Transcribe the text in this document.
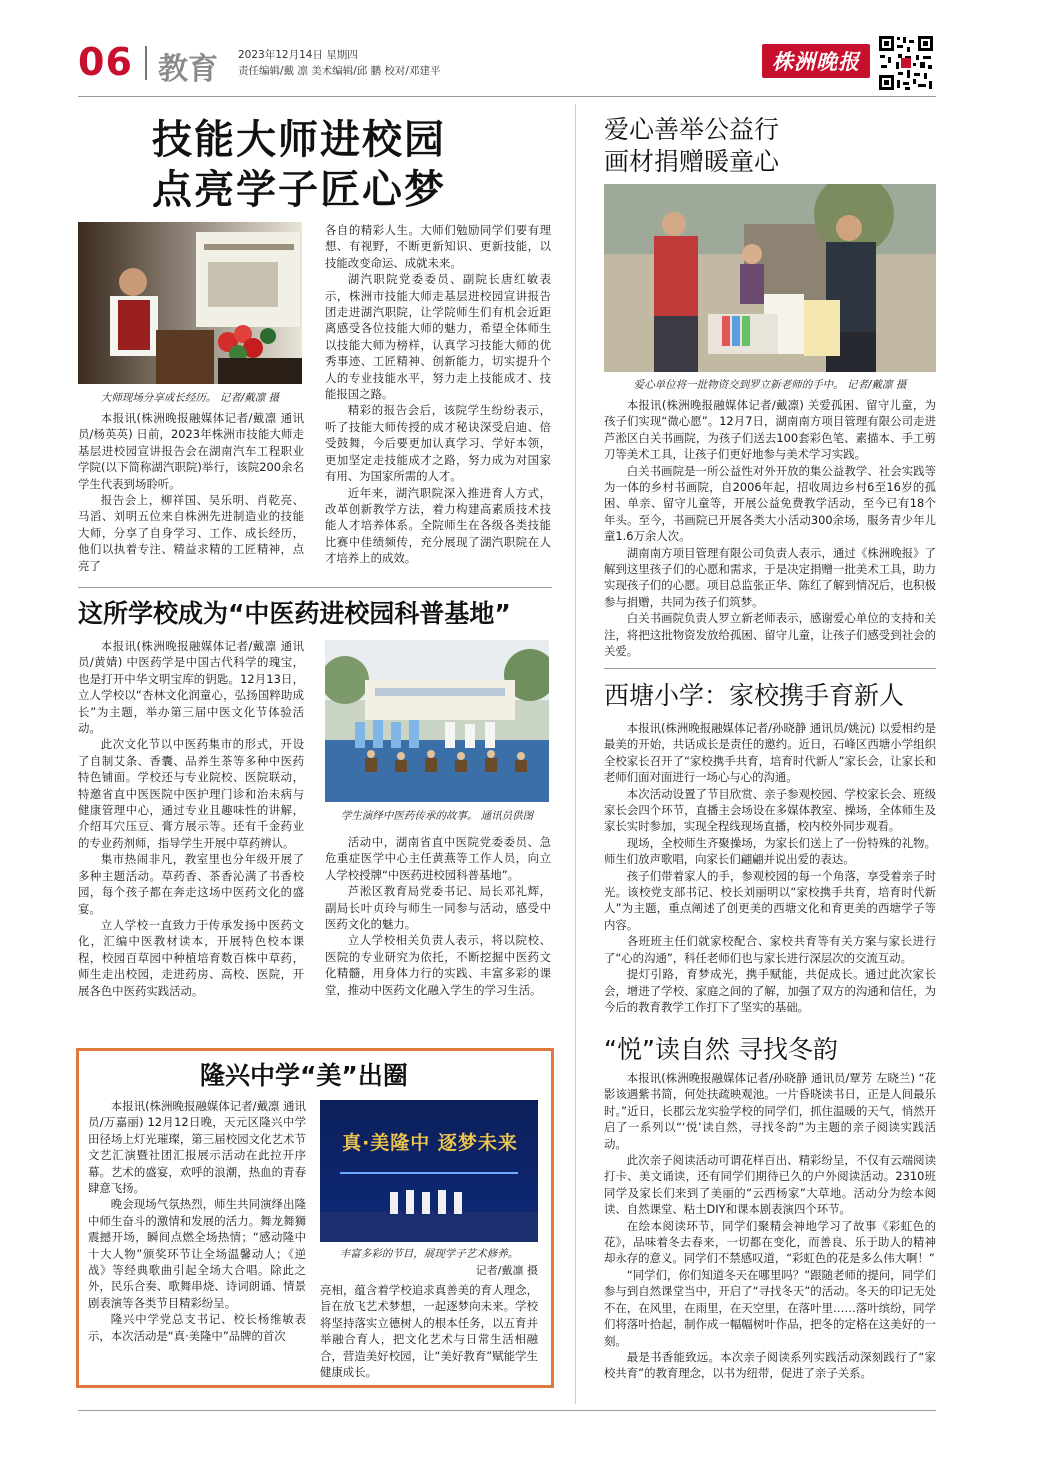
06 教育 2023年12月14日 星期四
责任编辑/戴 凛 美术编辑/邱 鹏 校对/邓建平	株洲晚报
技能大师进校园
点亮学子匠心梦
大师现场分享成长经历。 记者/戴凛 摄

本报讯(株洲晚报融媒体记者/戴凛 通讯员/杨英英) 日前，2023年株洲市技能大师走基层进校园宣讲报告会在湖南汽车工程职业学院(以下简称湖汽职院)举行，该院200余名学生代表到场聆听。

报告会上，柳祥国、吴乐明、肖乾亮、马滔、刘明五位来自株洲先进制造业的技能大师，分享了自身学习、工作、成长经历，他们以执着专注、精益求精的工匠精神，点亮了

各自的精彩人生。大师们勉励同学们要有理想、有视野，不断更新知识、更新技能，以技能改变命运、成就未来。

湖汽职院党委委员、副院长唐红敏表示，株洲市技能大师走基层进校园宣讲报告团走进湖汽职院，让学院师生们有机会近距离感受各位技能大师的魅力，希望全体师生以技能大师为榜样，认真学习技能大师的优秀事迹、工匠精神、创新能力，切实提升个人的专业技能水平，努力走上技能成才、技能报国之路。

精彩的报告会后，该院学生纷纷表示，听了技能大师传授的成才秘诀深受启迪、倍受鼓舞，今后要更加认真学习、学好本领，更加坚定走技能成才之路，努力成为对国家有用、为国家所需的人才。

近年来，湖汽职院深入推进育人方式，改革创新教学方法，着力构建高素质技术技能人才培养体系。全院师生在各级各类技能比赛中佳绩频传，充分展现了湖汽职院在人才培养上的成效。

这所学校成为“中医药进校园科普基地”

本报讯(株洲晚报融媒体记者/戴凛 通讯员/黄婧) 中医药学是中国古代科学的瑰宝，也是打开中华文明宝库的钥匙。12月13日，立人学校以“杏林文化润童心，弘扬国粹助成长”为主题，举办第三届中医文化节体验活动。

此次文化节以中医药集市的形式，开设了自制艾条、香囊、品养生茶等多种中医药特色铺面。学校还与专业院校、医院联动，特邀省直中医医院中医护理门诊和治未病与健康管理中心，通过专业且趣味性的讲解，介绍耳穴压豆、膏方展示等。还有千金药业的专业药剂师，指导学生开展中草药辨认。

集市热闹非凡，教室里也分年级开展了多种主题活动。草药香、茶香沁满了书香校园，每个孩子都在奔走这场中医药文化的盛宴。

立人学校一直致力于传承发扬中医药文化，汇编中医教材读本，开展特色校本课程，校园百草园中种植培育数百株中草药，师生走出校园，走进药房、高校、医院，开展各色中医药实践活动。

学生演绎中医药传承的故事。 通讯员供图

活动中，湖南省直中医院党委委员、急危重症医学中心主任黄燕等工作人员，向立人学校授牌“中医药进校园科普基地”。

芦淞区教育局党委书记、局长邓礼辉，副局长叶贞玲与师生一同参与活动，感受中医药文化的魅力。

立人学校相关负责人表示，将以院校、医院的专业研究为依托，不断挖掘中医药文化精髓，用身体力行的实践、丰富多彩的课堂，推动中医药文化融入学生的学习生活。

隆兴中学“美”出圈

本报讯(株洲晚报融媒体记者/戴凛 通讯员/万嘉丽) 12月12日晚，天元区隆兴中学田径场上灯光璀璨，第三届校园文化艺术节文艺汇演暨社团汇报展示活动在此拉开序幕。艺术的盛宴，欢呼的浪潮，热血的青春肆意飞扬。

晚会现场气氛热烈，师生共同演绎出隆中师生奋斗的激情和发展的活力。舞龙舞狮震撼开场，瞬间点燃全场热情；“感动隆中十大人物”颁奖环节让全场温馨动人；《逆战》等经典歌曲引起全场大合唱。除此之外，民乐合奏、歌舞串烧、诗词朗诵、情景剧表演等各类节目精彩纷呈。

隆兴中学党总支书记、校长杨维敏表示，本次活动是“真·美隆中”品牌的首次

真·美隆中 逐梦未来
丰富多彩的节目，展现学子艺术修养。
记者/戴凛 摄

亮相，蕴含着学校追求真善美的育人理念，旨在放飞艺术梦想，一起逐梦向未来。学校将坚持落实立德树人的根本任务，以五育并举融合育人，把文化艺术与日常生活相融合，营造美好校园，让“美好教育”赋能学生健康成长。

爱心善举公益行
画材捐赠暖童心
爱心单位将一批物资交到罗立新老师的手中。 记者/戴凛 摄

本报讯(株洲晚报融媒体记者/戴凛) 关爱孤困、留守儿童，为孩子们实现“微心愿”。12月7日，湖南南方项目管理有限公司走进芦淞区白关书画院，为孩子们送去100套彩色笔、素描本、手工剪刀等美术工具，让孩子们更好地参与美术学习实践。

白关书画院是一所公益性对外开放的集公益教学、社会实践等为一体的乡村书画院，自2006年起，招收周边乡村6至16岁的孤困、单亲、留守儿童等，开展公益免费教学活动，至今已有18个年头。至今，书画院已开展各类大小活动300余场，服务青少年儿童1.6万余人次。

湖南南方项目管理有限公司负责人表示，通过《株洲晚报》了解到这里孩子们的心愿和需求，于是决定捐赠一批美术工具，助力实现孩子们的心愿。项目总监张正华、陈红了解到情况后，也积极参与捐赠，共同为孩子们筑梦。

白关书画院负责人罗立新老师表示，感谢爱心单位的支持和关注，将把这批物资发放给孤困、留守儿童，让孩子们感受到社会的关爱。

西塘小学：家校携手育新人

本报讯(株洲晚报融媒体记者/孙晓静 通讯员/姚沅) 以爱相约是最美的开始，共话成长是责任的邀约。近日，石峰区西塘小学组织全校家长召开了“家校携手共育，培育时代新人”家长会，让家长和老师们面对面进行一场心与心的沟通。

本次活动设置了节目欣赏、亲子参观校园、学校家长会、班级家长会四个环节，直播主会场设在多媒体教室、操场，全体师生及家长实时参加，实现全程线现场直播，校内校外同步观看。

现场，全校师生齐聚操场，为家长们送上了一份特殊的礼物。师生们放声歌唱，向家长们翩翩并说出爱的表达。

孩子们带着家人的手，参观校园的每一个角落，享受着亲子时光。该校党支部书记、校长刘丽明以“家校携手共育，培育时代新人”为主题，重点阐述了创更美的西塘文化和育更美的西塘学子等内容。

各班班主任们就家校配合、家校共育等有关方案与家长进行了“心的沟通”，科任老师们也与家长进行深层次的交流互动。

提灯引路，育梦成光，携手赋能，共促成长。通过此次家长会，增进了学校、家庭之间的了解，加强了双方的沟通和信任，为今后的教育教学工作打下了坚实的基础。

“悦”读自然 寻找冬韵

本报讯(株洲晚报融媒体记者/孙晓静 通讯员/覃芳 左晓兰) “花影该遇紫书简，何处扶疏映观池。一片昏晓读书日，正是人间最乐时。”近日，长郡云龙实验学校的同学们，抓住温暖的天气，悄然开启了一系列以“‘悦’读自然，寻找冬韵”为主题的亲子阅读实践活动。

此次亲子阅读活动可谓花样百出、精彩纷呈，不仅有云端阅读打卡、美文诵读，还有同学们期待已久的户外阅读活动。2310班同学及家长们来到了美丽的“云西杨家”大草地。活动分为绘本阅读、自然课堂、粘土DIY和课本剧表演四个环节。

在绘本阅读环节，同学们聚精会神地学习了故事《彩虹色的花》，品味着冬去春来，一切都在变化，而善良、乐于助人的精神却永存的意义。同学们不禁感叹道，“彩虹色的花是多么伟大啊！”

“同学们，你们知道冬天在哪里吗？”跟随老师的提问，同学们参与到自然课堂当中，开启了“寻找冬天”的活动。冬天的印记无处不在，在风里，在雨里，在天空里，在落叶里……落叶缤纷，同学们将落叶拾起，制作成一幅幅树叶作品，把冬的定格在这美好的一刻。

最是书香能致远。本次亲子阅读系列实践活动深刻践行了“家校共育”的教育理念，以书为纽带，促进了亲子关系。
